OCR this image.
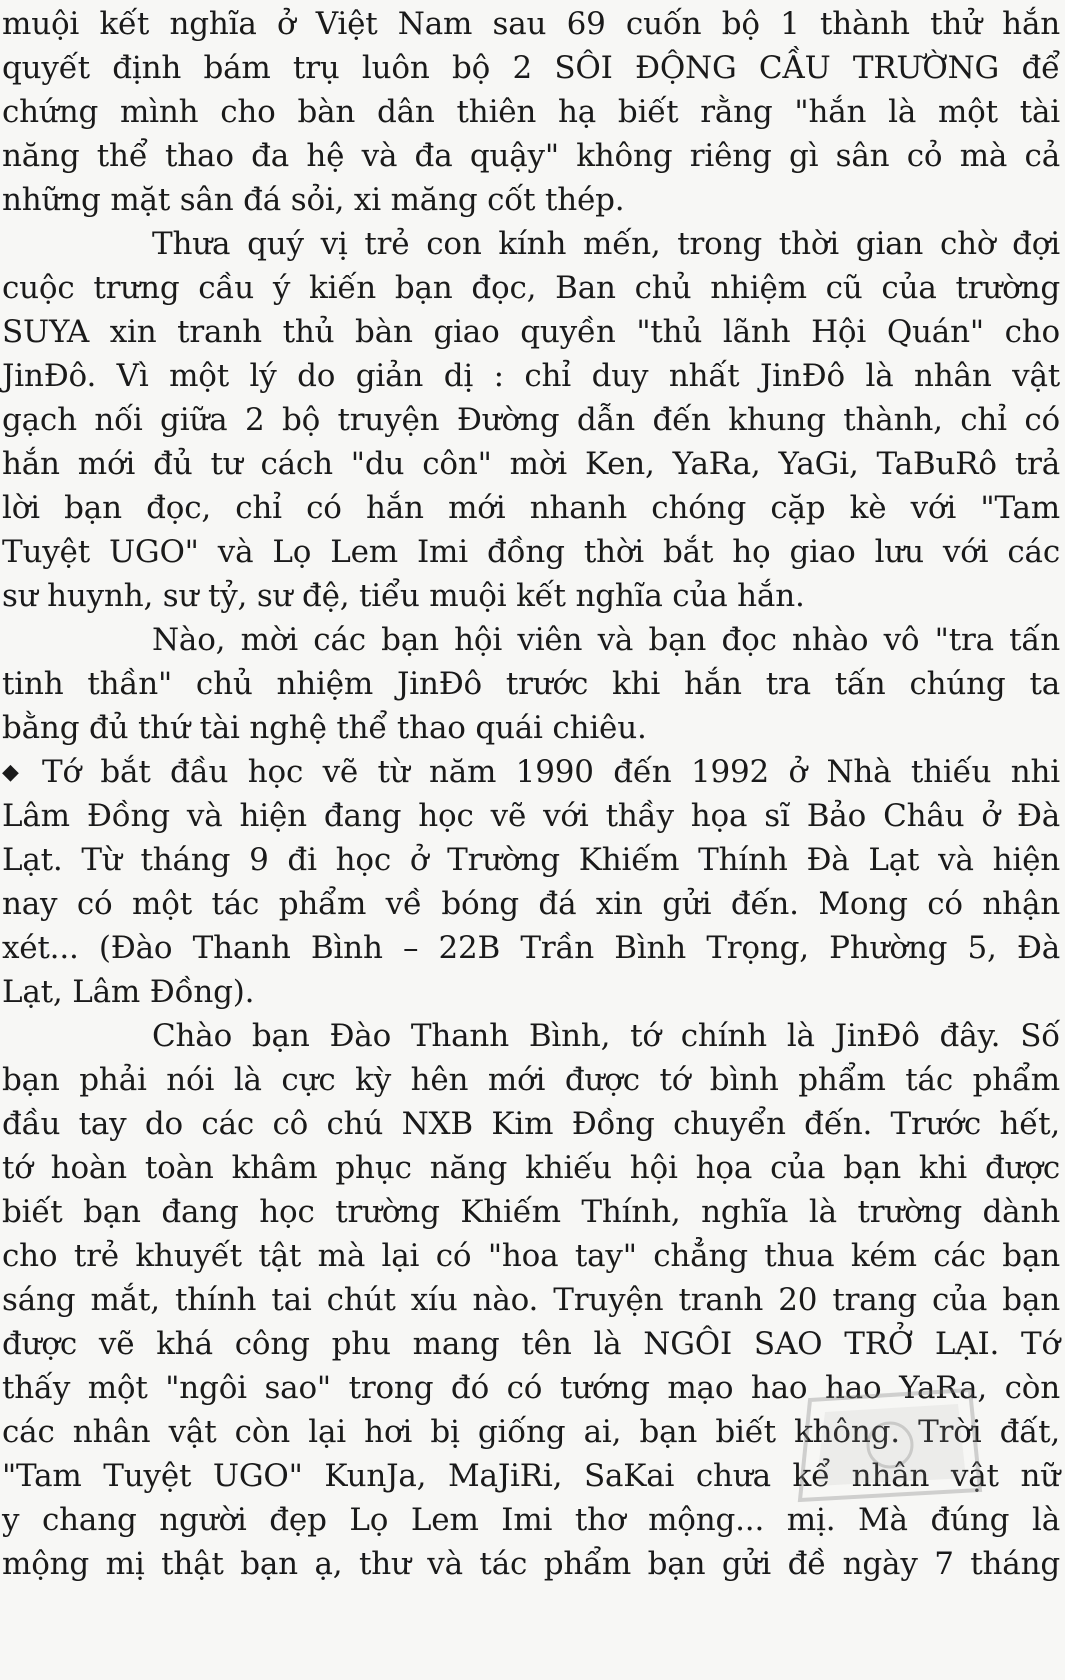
muội kết nghĩa ở Việt Nam sau 69 cuốn bộ 1 thành thử hắn
quyết định bám trụ luôn bộ 2 SÔI ĐỘNG CẦU TRƯỜNG để
chứng mình cho bàn dân thiên hạ biết rằng "hắn là một tài
năng thể thao đa hệ và đa quậy" không riêng gì sân cỏ mà cả
những mặt sân đá sỏi, xi măng cốt thép.
Thưa quý vị trẻ con kính mến, trong thời gian chờ đợi
cuộc trưng cầu ý kiến bạn đọc, Ban chủ nhiệm cũ của trường
SUYA xin tranh thủ bàn giao quyền "thủ lãnh Hội Quán" cho
JinĐô. Vì một lý do giản dị : chỉ duy nhất JinĐô là nhân vật
gạch nối giữa 2 bộ truyện Đường dẫn đến khung thành, chỉ có
hắn mới đủ tư cách "du côn" mời Ken, YaRa, YaGi, TaBuRô trả
lời bạn đọc, chỉ có hắn mới nhanh chóng cặp kè với "Tam
Tuyệt UGO" và Lọ Lem Imi đồng thời bắt họ giao lưu với các
sư huynh, sư tỷ, sư đệ, tiểu muội kết nghĩa của hắn.
Nào, mời các bạn hội viên và bạn đọc nhào vô "tra tấn
tinh thần" chủ nhiệm JinĐô trước khi hắn tra tấn chúng ta
bằng đủ thứ tài nghệ thể thao quái chiêu.
◆ Tớ bắt đầu học vẽ từ năm 1990 đến 1992 ở Nhà thiếu nhi
Lâm Đồng và hiện đang học vẽ với thầy họa sĩ Bảo Châu ở Đà
Lạt. Từ tháng 9 đi học ở Trường Khiếm Thính Đà Lạt và hiện
nay có một tác phẩm về bóng đá xin gửi đến. Mong có nhận
xét... (Đào Thanh Bình – 22B Trần Bình Trọng, Phường 5, Đà
Lạt, Lâm Đồng).
Chào bạn Đào Thanh Bình, tớ chính là JinĐô đây. Số
bạn phải nói là cực kỳ hên mới được tớ bình phẩm tác phẩm
đầu tay do các cô chú NXB Kim Đồng chuyển đến. Trước hết,
tớ hoàn toàn khâm phục năng khiếu hội họa của bạn khi được
biết bạn đang học trường Khiếm Thính, nghĩa là trường dành
cho trẻ khuyết tật mà lại có "hoa tay" chẳng thua kém các bạn
sáng mắt, thính tai chút xíu nào. Truyện tranh 20 trang của bạn
được vẽ khá công phu mang tên là NGÔI SAO TRỞ LẠI. Tớ
thấy một "ngôi sao" trong đó có tướng mạo hao hao YaRa, còn
các nhân vật còn lại hơi bị giống ai, bạn biết không. Trời đất,
"Tam Tuyệt UGO" KunJa, MaJiRi, SaKai chưa kể nhân vật nữ
y chang người đẹp Lọ Lem Imi thơ mộng... mị. Mà đúng là
mộng mị thật bạn ạ, thư và tác phẩm bạn gửi đề ngày 7 tháng
